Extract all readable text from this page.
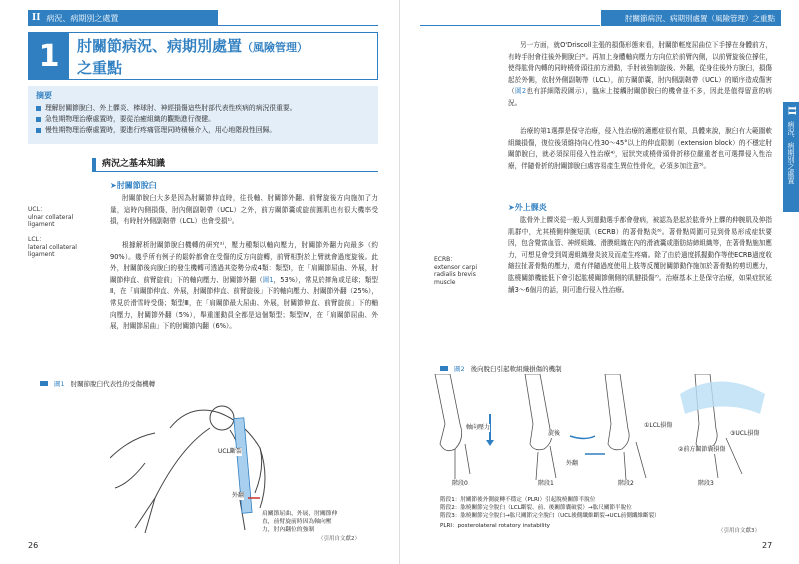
II 病況、病期別之處置
1	肘關節病況、病期別處置（風險管理）
之重點
摘要
理解肘關節脫臼、外上髁炎、棒球肘、神經損傷這些肘部代表性疾病的病況很重要。
急性期物理治療處置時，要從治癒組織的觀點進行復健。
慢性期物理治療處置時，要進行疼痛管理同時積極介入，用心地階段性回歸。
病況之基本知識
➤肘關節脫臼
UCL：
ulnar collateral ligament
LCL：
lateral collateral ligament
肘關節脫臼大多是因為肘關節伸直時，往長軸、肘關節外翻、前臂旋後方向施加了力量，這時內側損傷，肘內側副韌帶（UCL）之外，前方關節囊或旋前圓肌也有很大機率受損，有時肘外側副韌帶（LCL）也會受損¹⁾。
根據解析肘關節脫臼機轉的研究²⁾，壓力種類以軸向壓力，肘關節外翻力向最多（約90%）。幾乎所有例子的鬆幹都會在受傷的反方向旋轉，前臂相對於上臂就會過度旋後。此外，肘關節後向脫臼的發生機轉可透過其姿勢分成4類：類型Ⅰ，在「肩關節屈曲、外展，肘關節伸直、前臂旋前」下的軸向壓力、肘關節外翻（圖1，53%），常見於摔角或足球；類型Ⅱ，在「肩關節伸直、外展，肘關節伸直、前臂旋後」下的軸向壓力、肘關節外翻（25%），常見於滑雪時受傷；類型Ⅲ，在「肩關節最大屈曲、外展，肘關節伸直、前臂旋前」下的軸向壓力，肘關節外翻（5%），舉重運動員全都是這個類型；類型Ⅳ，在「肩關節屈曲、外展，肘關節屈曲」下的肘關節內翻（6%）。
圖1 肘關節脫臼代表性的受傷機轉
UCL斷裂
外翻
肩關節屈曲、外展，肘關節伸直，前臂旋前時因為軸向壓力，肘內翻位的強制
（引用自文獻2）
26
肘關節病況、病期別處置（風險管理）之重點
II
病況、病期別之處置
另一方面，就O'Driscoll主張的損傷形態來看，肘關節輕度屈曲位下手撐在身體前方，有時手肘會往後外側脫臼³⁾。再加上身體軸向壓力方向位於前臂內側，以前臂旋後位撐住，使得肱骨內轉的同時橈骨頭往前方滑動，手肘被強制旋後、外翻，從身往後外方脫臼，損傷起於外側，依肘外側副韌帶（LCL），前方關節囊，肘內側副韌帶（UCL）的順序造成傷害（圖2也有詳細階段圖示），臨床上接觸肘關節脫臼的機會並不多，因此是值得留意的病況。
治療的第1選擇是保守治療，侵入性治療的適應症很有限，具體來說，脫臼有大範圍軟組織損傷，復位後須維持向心性30～45°以上的伸直限制（extension block）的不穩定肘關節脫臼，就必須採用侵入性治療⁴⁾，冠狀突或橈骨頭骨折移位嚴重者也可選擇侵入性治療，伴隨骨折的肘關節脫臼處容易產生異位性骨化，必須多加注意⁵⁾。
➤外上髁炎
ECRB：
extensor carpi radialis brevis muscle
肱骨外上髁炎從一般人到運動選手都會發病，被認為是起於肱骨外上髁的伸腕肌及伸指肌群中，尤其橈側伸腕短肌（ECRB）的著骨點炎⁶⁾。著骨點周圍可見到骨易形成症狀要因，包含覺富血管、神經組織、滑膜組織在內的滑液囊或脂肪結締組織等，在著骨點施加應力，可想見會受到周邊組織發炎波及而產生疼痛。除了由於過度抓握動作等使ECRB過度收縮拉扯著骨點的壓力，還有伴隨過度使用上肢等反覆肘關節動作施加於著骨點的剪切應力，肱橈關節機能低下會引起肱橈關節側側的肌腱損傷⁷⁾。治療基本上是保守治療，如果症狀延續3～6個月的話，則可進行侵入性治療。
圖2 後向脫臼引起軟組織損傷的機制
軸向壓力
旋後
外翻
①LCL損傷
③UCL損傷
②前方關節囊損傷
階段0	階段1	階段2	階段3
階段1：肘關節後外側旋轉不穩定（PLRI）引起脫橈關節半脫位
階段2：肱橈關節完全脫臼（LCL斷裂、前、後關節囊破裂）→肱尺關節半脫位
階段3：肱橈關節完全脫臼→肱尺關節完全脫臼（UCL後側纖維斷裂→UCL前側纖維斷裂）
PLRI：posterolateral rotatory instability
（引用自文獻3）
27
